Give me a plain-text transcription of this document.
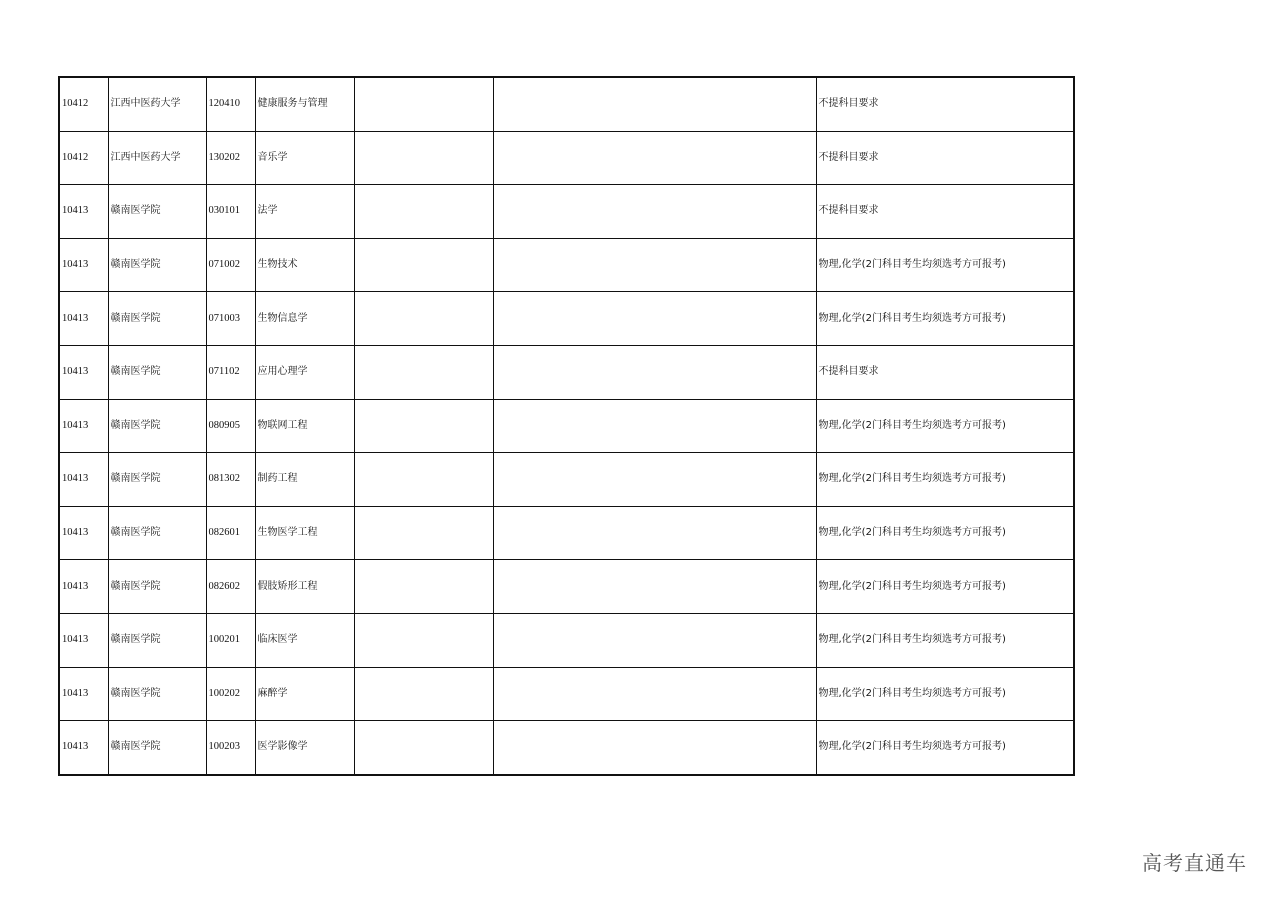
10412	江西中医药大学	120410	健康服务与管理			不提科目要求
10412	江西中医药大学	130202	音乐学			不提科目要求
10413	赣南医学院	030101	法学			不提科目要求
10413	赣南医学院	071002	生物技术			物理,化学(2门科目考生均须选考方可报考)
10413	赣南医学院	071003	生物信息学			物理,化学(2门科目考生均须选考方可报考)
10413	赣南医学院	071102	应用心理学			不提科目要求
10413	赣南医学院	080905	物联网工程			物理,化学(2门科目考生均须选考方可报考)
10413	赣南医学院	081302	制药工程			物理,化学(2门科目考生均须选考方可报考)
10413	赣南医学院	082601	生物医学工程			物理,化学(2门科目考生均须选考方可报考)
10413	赣南医学院	082602	假肢矫形工程			物理,化学(2门科目考生均须选考方可报考)
10413	赣南医学院	100201	临床医学			物理,化学(2门科目考生均须选考方可报考)
10413	赣南医学院	100202	麻醉学			物理,化学(2门科目考生均须选考方可报考)
10413	赣南医学院	100203	医学影像学			物理,化学(2门科目考生均须选考方可报考)
高考直通车
